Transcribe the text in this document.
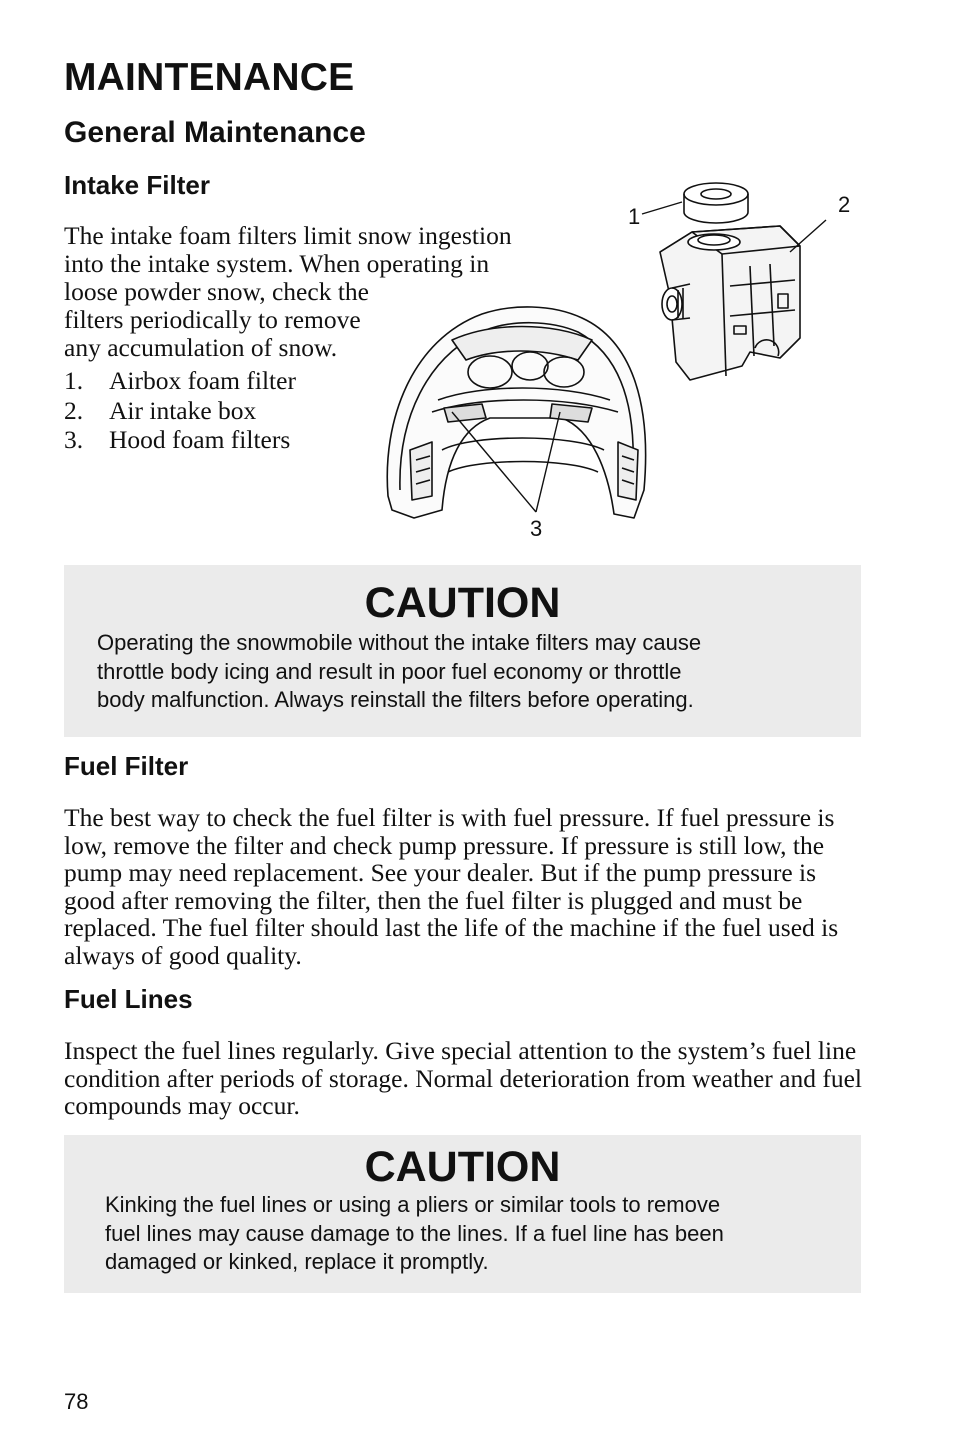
MAINTENANCE
General Maintenance
Intake Filter
The intake foam filters limit snow ingestion
into the intake system. When operating in
loose powder snow, check the
filters periodically to remove
any accumulation of snow.
1. Airbox foam filter
2. Air intake box
3. Hood foam filters
1	2
3
CAUTION
Operating the snowmobile without the intake filters may cause
throttle body icing and result in poor fuel economy or throttle
body malfunction. Always reinstall the filters before operating.
Fuel Filter

The best way to check the fuel filter is with fuel pressure. If fuel pressure is low, remove the filter and check pump pressure. If pressure is still low, the pump may need replacement. See your dealer. But if the pump pressure is good after removing the filter, then the fuel filter is plugged and must be replaced. The fuel filter should last the life of the machine if the fuel used is always of good quality.

Fuel Lines

Inspect the fuel lines regularly. Give special attention to the system’s fuel line condition after periods of storage. Normal deterioration from weather and fuel compounds may occur.

CAUTION
Kinking the fuel lines or using a pliers or similar tools to remove
fuel lines may cause damage to the lines. If a fuel line has been
damaged or kinked, replace it promptly.
78
